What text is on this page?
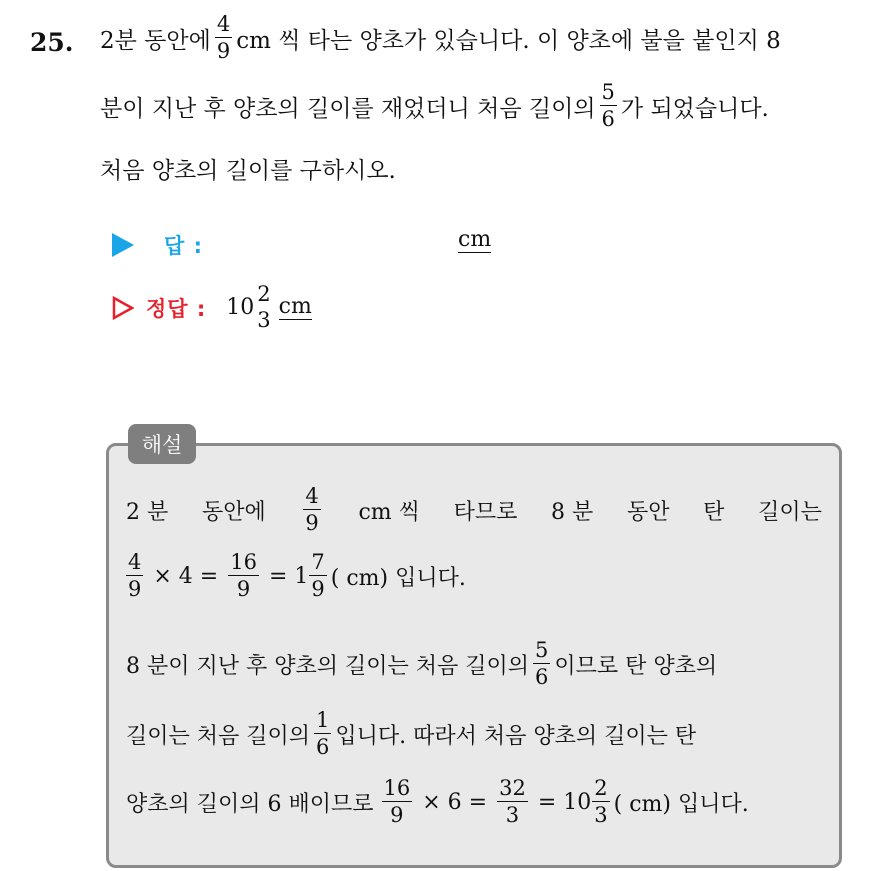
25. 2분 동안에 $\frac{4}{9}$ cm 씩 타는 양초가 있습니다. 이 양초에 불을 붙인지 8
분이 지난 후 양초의 길이를 재었더니 처음 길이의 $\frac{5}{6}$ 가 되었습니다.
처음 양초의 길이를 구하시오.
답 :	cm
정답 : 10
2
3
cm
해설
2 분 동안에 $\frac{4}{9}$ cm 씩 타므로 8 분 동안 탄 길이는
$\frac{4}{9} \times 4 = \frac{16}{9} = 1 \frac{7}{9}$ ( cm) 입니다.
8 분이 지난 후 양초의 길이는 처음 길이의 $\frac{5}{6}$ 이므로 탄 양초의
길이는 처음 길이의 $\frac{1}{6}$ 입니다. 따라서 처음 양초의 길이는 탄
양초의 길이의 6 배이므로 $\frac{16}{9} \times 6 = \frac{32}{3} = 10 \frac{2}{3}$ ( cm) 입니다.
